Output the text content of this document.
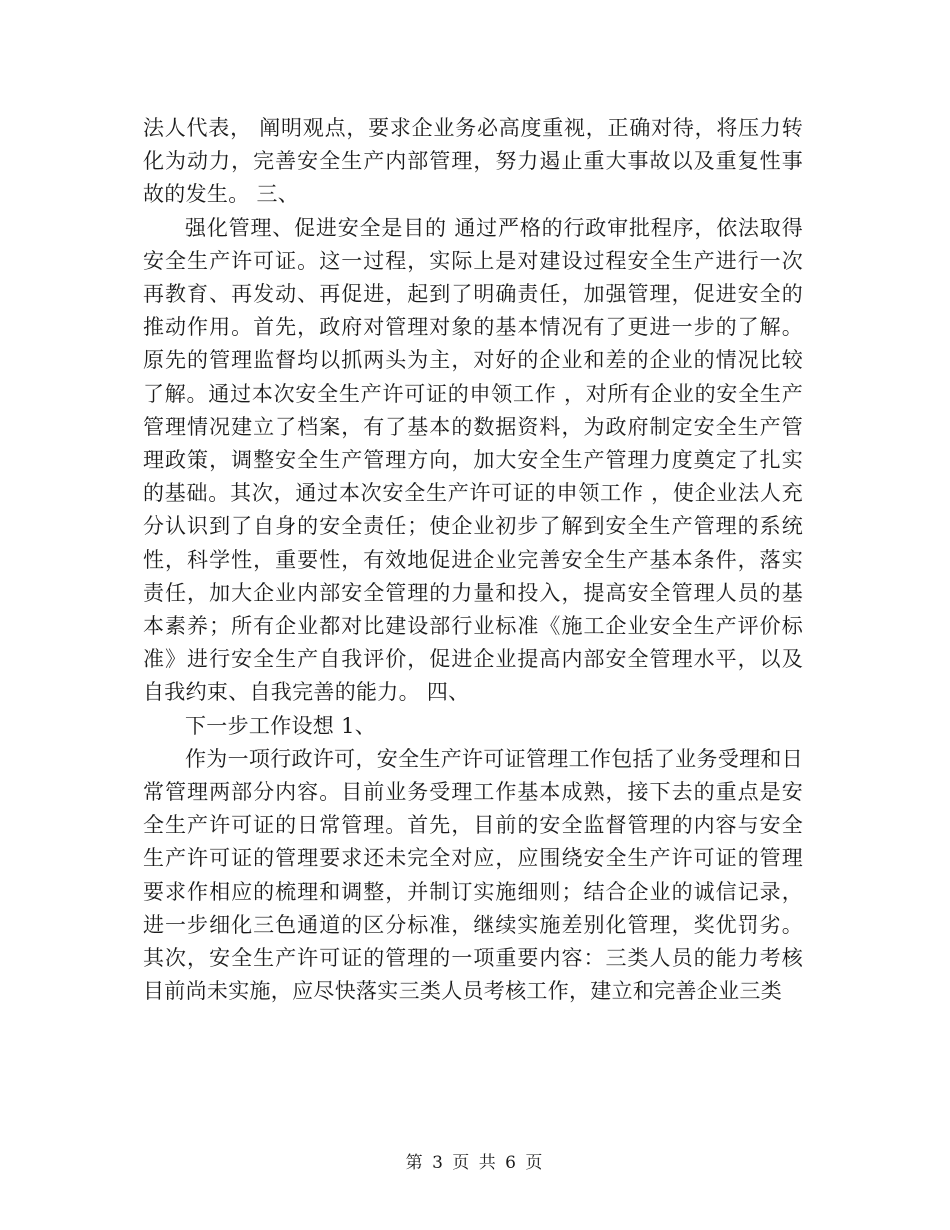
法人代表， 阐明观点，要求企业务必高度重视，正确对待，将压力转化为动力，完善安全生产内部管理，努力遏止重大事故以及重复性事故的发生。 三、

强化管理、促进安全是目的 通过严格的行政审批程序，依法取得安全生产许可证。这一过程，实际上是对建设过程安全生产进行一次再教育、再发动、再促进，起到了明确责任，加强管理，促进安全的推动作用。首先，政府对管理对象的基本情况有了更进一步的了解。原先的管理监督均以抓两头为主，对好的企业和差的企业的情况比较了解。通过本次安全生产许可证的申领工作 ，对所有企业的安全生产管理情况建立了档案，有了基本的数据资料，为政府制定安全生产管理政策，调整安全生产管理方向，加大安全生产管理力度奠定了扎实的基础。其次，通过本次安全生产许可证的申领工作 ，使企业法人充分认识到了自身的安全责任；使企业初步了解到安全生产管理的系统性，科学性，重要性，有效地促进企业完善安全生产基本条件，落实责任，加大企业内部安全管理的力量和投入，提高安全管理人员的基本素养；所有企业都对比建设部行业标准《施工企业安全生产评价标准》进行安全生产自我评价，促进企业提高内部安全管理水平，以及自我约束、自我完善的能力。 四、

下一步工作设想 1、

作为一项行政许可，安全生产许可证管理工作包括了业务受理和日常管理两部分内容。目前业务受理工作基本成熟，接下去的重点是安全生产许可证的日常管理。首先，目前的安全监督管理的内容与安全生产许可证的管理要求还未完全对应，应围绕安全生产许可证的管理要求作相应的梳理和调整，并制订实施细则；结合企业的诚信记录，进一步细化三色通道的区分标准，继续实施差别化管理，奖优罚劣。其次，安全生产许可证的管理的一项重要内容：三类人员的能力考核目前尚未实施，应尽快落实三类人员考核工作，建立和完善企业三类

第 3 页 共 6 页
